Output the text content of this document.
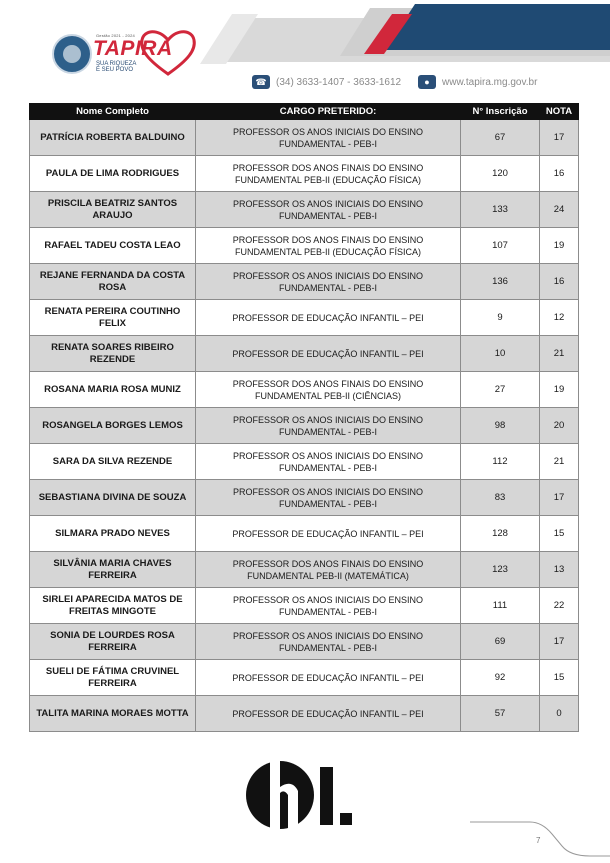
Gestão 2021 - 2024
TAPIRA
SUA RIQUEZA
É SEU POVO
☎ (34) 3633-1407 - 3633-1612	●	www.tapira.mg.gov.br
Nome Completo	CARGO PRETERIDO:	N° Inscrição	NOTA
PATRÍCIA ROBERTA BALDUINO	PROFESSOR OS ANOS INICIAIS DO ENSINO FUNDAMENTAL - PEB-I	67	17
PAULA DE LIMA RODRIGUES	PROFESSOR DOS ANOS FINAIS DO ENSINO FUNDAMENTAL PEB-II (EDUCAÇÃO FÍSICA)	120	16
PRISCILA BEATRIZ SANTOS ARAUJO	PROFESSOR OS ANOS INICIAIS DO ENSINO FUNDAMENTAL - PEB-I	133	24
RAFAEL TADEU COSTA LEAO	PROFESSOR DOS ANOS FINAIS DO ENSINO FUNDAMENTAL PEB-II (EDUCAÇÃO FÍSICA)	107	19
REJANE FERNANDA DA COSTA ROSA	PROFESSOR OS ANOS INICIAIS DO ENSINO FUNDAMENTAL - PEB-I	136	16
RENATA PEREIRA COUTINHO FELIX	PROFESSOR DE EDUCAÇÃO INFANTIL – PEI	9	12
RENATA SOARES RIBEIRO REZENDE	PROFESSOR DE EDUCAÇÃO INFANTIL – PEI	10	21
ROSANA MARIA ROSA MUNIZ	PROFESSOR DOS ANOS FINAIS DO ENSINO FUNDAMENTAL PEB-II (CIÊNCIAS)	27	19
ROSANGELA BORGES LEMOS	PROFESSOR OS ANOS INICIAIS DO ENSINO FUNDAMENTAL - PEB-I	98	20
SARA DA SILVA REZENDE	PROFESSOR OS ANOS INICIAIS DO ENSINO FUNDAMENTAL - PEB-I	112	21
SEBASTIANA DIVINA DE SOUZA	PROFESSOR OS ANOS INICIAIS DO ENSINO FUNDAMENTAL - PEB-I	83	17
SILMARA PRADO NEVES	PROFESSOR DE EDUCAÇÃO INFANTIL – PEI	128	15
SILVÂNIA MARIA CHAVES FERREIRA	PROFESSOR DOS ANOS FINAIS DO ENSINO FUNDAMENTAL PEB-II (MATEMÁTICA)	123	13
SIRLEI APARECIDA MATOS DE FREITAS MINGOTE	PROFESSOR OS ANOS INICIAIS DO ENSINO FUNDAMENTAL - PEB-I	111	22
SONIA DE LOURDES ROSA FERREIRA	PROFESSOR OS ANOS INICIAIS DO ENSINO FUNDAMENTAL - PEB-I	69	17
SUELI DE FÁTIMA CRUVINEL FERREIRA	PROFESSOR DE EDUCAÇÃO INFANTIL – PEI	92	15
TALITA MARINA MORAES MOTTA	PROFESSOR DE EDUCAÇÃO INFANTIL – PEI	57	0
7
